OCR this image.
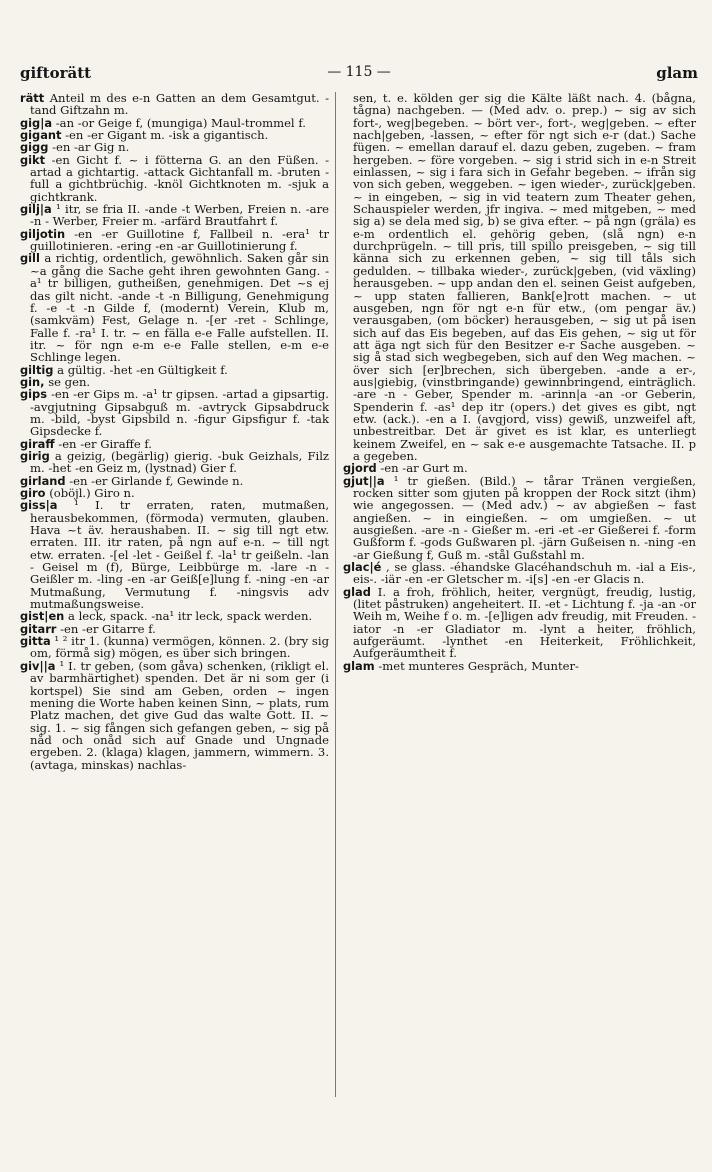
giftorätt	— 115 —	glam

rätt Anteil m des e-n Gatten an dem Gesamtgut. -tand Giftzahn m.

gig|a -an -or Geige f, (mungiga) Maul-trommel f.

gigant -en -er Gigant m. -isk a gigantisch.

gigg -en -ar Gig n.

gikt -en Gicht f. ~ i fötterna G. an den Füßen. -artad a gichtartig. -attack Gichtanfall m. -bruten -full a gichtbrüchig. -knöl Gichtknoten m. -sjuk a gichtkrank.

gilj|a ¹ itr, se fria II. -ande -t Werben, Freien n. -are -n - Werber, Freier m. -arfärd Brautfahrt f.

giljotin -en -er Guillotine f, Fallbeil n. -era¹ tr guillotinieren. -ering -en -ar Guillotinierung f.

gill a richtig, ordentlich, gewöhnlich. Saken går sin ~a gång die Sache geht ihren gewohnten Gang. -a¹ tr billigen, gutheißen, genehmigen. Det ~s ej das gilt nicht. -ande -t -n Billigung, Genehmigung f. -e -t -n Gilde f, (modernt) Verein, Klub m, (samkväm) Fest, Gelage n. -[er -ret - Schlinge, Falle f. -ra¹ I. tr. ~ en fälla e-e Falle aufstellen. II. itr. ~ för ngn e-m e-e Falle stellen, e-m e-e Schlinge legen.

giltig a gültig. -het -en Gültigkeit f.

gin, se gen.

gips -en -er Gips m. -a¹ tr gipsen. -artad a gipsartig. -avgjutning Gipsabguß m. -avtryck Gipsabdruck m. -bild, -byst Gipsbild n. -figur Gipsfigur f. -tak Gipsdecke f.

giraff -en -er Giraffe f.

girig a geizig, (begärlig) gierig. -buk Geizhals, Filz m. -het -en Geiz m, (lystnad) Gier f.

girland -en -er Girlande f, Gewinde n.

giro (oböjl.) Giro n.

giss|a ¹ I. tr erraten, raten, mutmaßen, herausbekommen, (förmoda) vermuten, glauben. Hava ~t äv. heraushaben. II. ~ sig till ngt etw. erraten. III. itr raten, på ngn auf e-n. ~ till ngt etw. erraten. -[el -let - Geißel f. -la¹ tr geißeln. -lan - Geisel m (f), Bürge, Leibbürge m. -lare -n - Geißler m. -ling -en -ar Geiß[e]lung f. -ning -en -ar Mutmaßung, Vermutung f. -ningsvis adv mutmaßungsweise.

gist|en a leck, spack. -na¹ itr leck, spack werden.

gitarr -en -er Gitarre f.

gitta ¹ ² itr 1. (kunna) vermögen, können. 2. (bry sig om, förmå sig) mögen, es über sich bringen.

giv||a ¹ I. tr geben, (som gåva) schenken, (rikligt el. av barmhärtighet) spenden. Det är ni som ger (i kortspel) Sie sind am Geben, orden ~ ingen mening die Worte haben keinen Sinn, ~ plats, rum Platz machen, det give Gud das walte Gott. II. ~ sig. 1. ~ sig fången sich gefangen geben, ~ sig på nåd och onåd sich auf Gnade und Ungnade ergeben. 2. (klaga) klagen, jammern, wimmern. 3. (avtaga, minskas) nachlas-

sen, t. e. kölden ger sig die Kälte läßt nach. 4. (bågna, tågna) nachgeben. — (Med adv. o. prep.) ~ sig av sich fort-, weg|begeben. ~ bört ver-, fort-, weg|geben. ~ efter nach|geben, -lassen, ~ efter för ngt sich e-r (dat.) Sache fügen. ~ emellan darauf el. dazu geben, zugeben. ~ fram hergeben. ~ före vorgeben. ~ sig i strid sich in e-n Streit einlassen, ~ sig i fara sich in Gefahr begeben. ~ ifrån sig von sich geben, weggeben. ~ igen wieder-, zurück|geben. ~ in eingeben, ~ sig in vid teatern zum Theater gehen, Schauspieler werden, jfr ingiva. ~ med mitgeben, ~ med sig a) se dela med sig, b) se giva efter. ~ på ngn (gräla) es e-m ordentlich el. gehörig geben, (slå ngn) e-n durchprügeln. ~ till pris, till spillo preisgeben, ~ sig till känna sich zu erkennen geben, ~ sig till tåls sich gedulden. ~ tillbaka wieder-, zurück|geben, (vid växling) herausgeben. ~ upp andan den el. seinen Geist aufgeben, ~ upp staten fallieren, Bank[e]rott machen. ~ ut ausgeben, ngn för ngt e-n für etw., (om pengar äv.) verausgaben, (om böcker) herausgeben, ~ sig ut på isen sich auf das Eis begeben, auf das Eis gehen, ~ sig ut för att äga ngt sich für den Besitzer e-r Sache ausgeben. ~ sig å stad sich wegbegeben, sich auf den Weg machen. ~ över sich [er]brechen, sich übergeben. -ande a er-, aus|giebig, (vinstbringande) gewinnbringend, einträglich. -are -n - Geber, Spender m. -arinn|a -an -or Geberin, Spenderin f. -as¹ dep itr (opers.) det gives es gibt, ngt etw. (ack.). -en a I. (avgjord, viss) gewiß, unzweifel aft, unbestreitbar. Det är givet es ist klar, es unterliegt keinem Zweifel, en ~ sak e-e ausgemachte Tatsache. II. p a gegeben.

gjord -en -ar Gurt m.

gjut||a ¹ tr gießen. (Bild.) ~ tårar Tränen vergießen, rocken sitter som gjuten på kroppen der Rock sitzt (ihm) wie angegossen. — (Med adv.) ~ av abgießen ~ fast angießen. ~ in eingießen. ~ om umgießen. ~ ut ausgießen. -are -n - Gießer m. -eri -et -er Gießerei f. -form Gußform f. -gods Gußwaren pl. -järn Gußeisen n. -ning -en -ar Gießung f, Guß m. -stål Gußstahl m.

glac|é , se glass. -éhandske Glacéhandschuh m. -ial a Eis-, eis-. -iär -en -er Gletscher m. -i[s] -en -er Glacis n.

glad I. a froh, fröhlich, heiter, vergnügt, freudig, lustig, (litet påstruken) angeheitert. II. -et - Lichtung f. -ja -an -or Weih m, Weihe f o. m. -[e]ligen adv freudig, mit Freuden. -iator -n -er Gladiator m. -lynt a heiter, fröhlich, aufgeräumt. -lynthet -en Heiterkeit, Fröhlichkeit, Aufgeräumtheit f.

glam -met munteres Gespräch, Munter-
